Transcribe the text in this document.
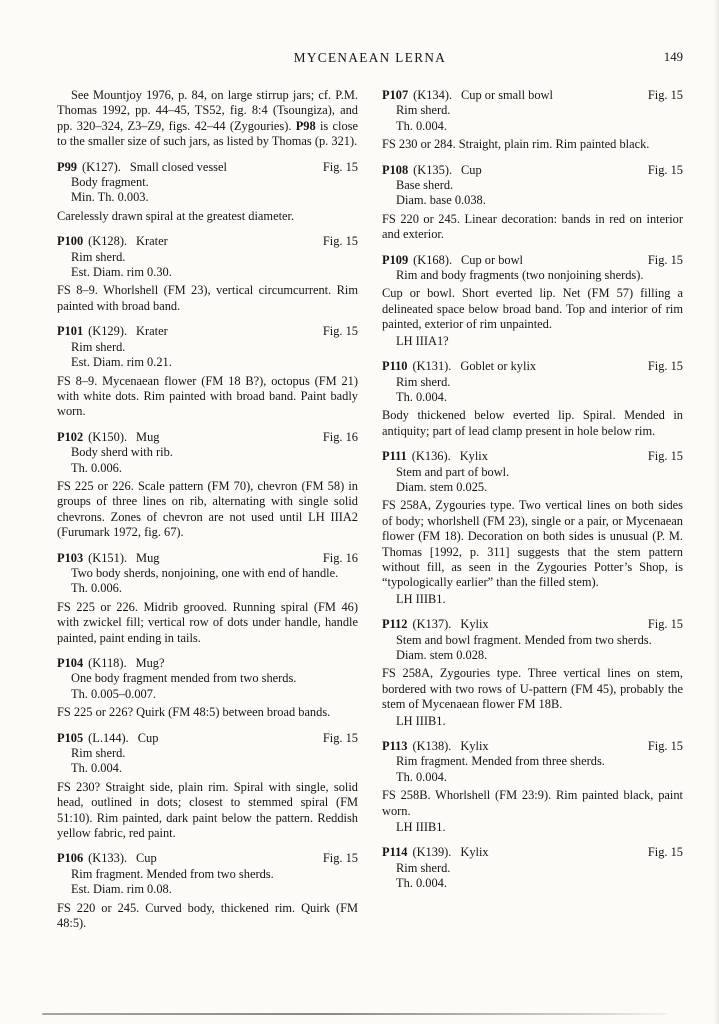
MYCENAEAN LERNA	149

See Mountjoy 1976, p. 84, on large stirrup jars; cf. P.M. Thomas 1992, pp. 44–45, TS52, fig. 8:4 (Tsoungiza), and pp. 320–324, Z3–Z9, figs. 42–44 (Zygouries). P98 is close to the smaller size of such jars, as listed by Thomas (p. 321).

P99 (K127). Small closed vessel	Fig. 15
Body fragment.
Min. Th. 0.003.

Carelessly drawn spiral at the greatest diameter.

P100 (K128). Krater	Fig. 15
Rim sherd.
Est. Diam. rim 0.30.

FS 8–9. Whorlshell (FM 23), vertical circumcurrent. Rim painted with broad band.

P101 (K129). Krater	Fig. 15
Rim sherd.
Est. Diam. rim 0.21.

FS 8–9. Mycenaean flower (FM 18 B?), octopus (FM 21) with white dots. Rim painted with broad band. Paint badly worn.

P102 (K150). Mug	Fig. 16
Body sherd with rib.
Th. 0.006.

FS 225 or 226. Scale pattern (FM 70), chevron (FM 58) in groups of three lines on rib, alternating with single solid chevrons. Zones of chevron are not used until LH IIIA2 (Furumark 1972, fig. 67).

P103 (K151). Mug	Fig. 16
Two body sherds, nonjoining, one with end of handle.
Th. 0.006.

FS 225 or 226. Midrib grooved. Running spiral (FM 46) with zwickel fill; vertical row of dots under handle, handle painted, paint ending in tails.

P104 (K118). Mug?
One body fragment mended from two sherds.
Th. 0.005–0.007.

FS 225 or 226? Quirk (FM 48:5) between broad bands.

P105 (L.144). Cup	Fig. 15
Rim sherd.
Th. 0.004.

FS 230? Straight side, plain rim. Spiral with single, solid head, outlined in dots; closest to stemmed spiral (FM 51:10). Rim painted, dark paint below the pattern. Reddish yellow fabric, red paint.

P106 (K133). Cup	Fig. 15
Rim fragment. Mended from two sherds.
Est. Diam. rim 0.08.

FS 220 or 245. Curved body, thickened rim. Quirk (FM 48:5).

P107 (K134). Cup or small bowl	Fig. 15
Rim sherd.
Th. 0.004.

FS 230 or 284. Straight, plain rim. Rim painted black.

P108 (K135). Cup	Fig. 15
Base sherd.
Diam. base 0.038.

FS 220 or 245. Linear decoration: bands in red on interior and exterior.

P109 (K168). Cup or bowl	Fig. 15
Rim and body fragments (two nonjoining sherds).

Cup or bowl. Short everted lip. Net (FM 57) filling a delineated space below broad band. Top and interior of rim painted, exterior of rim unpainted.

LH IIIA1?
P110 (K131). Goblet or kylix	Fig. 15
Rim sherd.
Th. 0.004.

Body thickened below everted lip. Spiral. Mended in antiquity; part of lead clamp present in hole below rim.

P111 (K136). Kylix	Fig. 15
Stem and part of bowl.
Diam. stem 0.025.

FS 258A, Zygouries type. Two vertical lines on both sides of body; whorlshell (FM 23), single or a pair, or Mycenaean flower (FM 18). Decoration on both sides is unusual (P. M. Thomas [1992, p. 311] suggests that the stem pattern without fill, as seen in the Zygouries Potter’s Shop, is “typologically earlier” than the filled stem).

LH IIIB1.
P112 (K137). Kylix	Fig. 15
Stem and bowl fragment. Mended from two sherds.
Diam. stem 0.028.

FS 258A, Zygouries type. Three vertical lines on stem, bordered with two rows of U-pattern (FM 45), probably the stem of Mycenaean flower FM 18B.

LH IIIB1.
P113 (K138). Kylix	Fig. 15
Rim fragment. Mended from three sherds.
Th. 0.004.

FS 258B. Whorlshell (FM 23:9). Rim painted black, paint worn.

LH IIIB1.
P114 (K139). Kylix	Fig. 15
Rim sherd.
Th. 0.004.
